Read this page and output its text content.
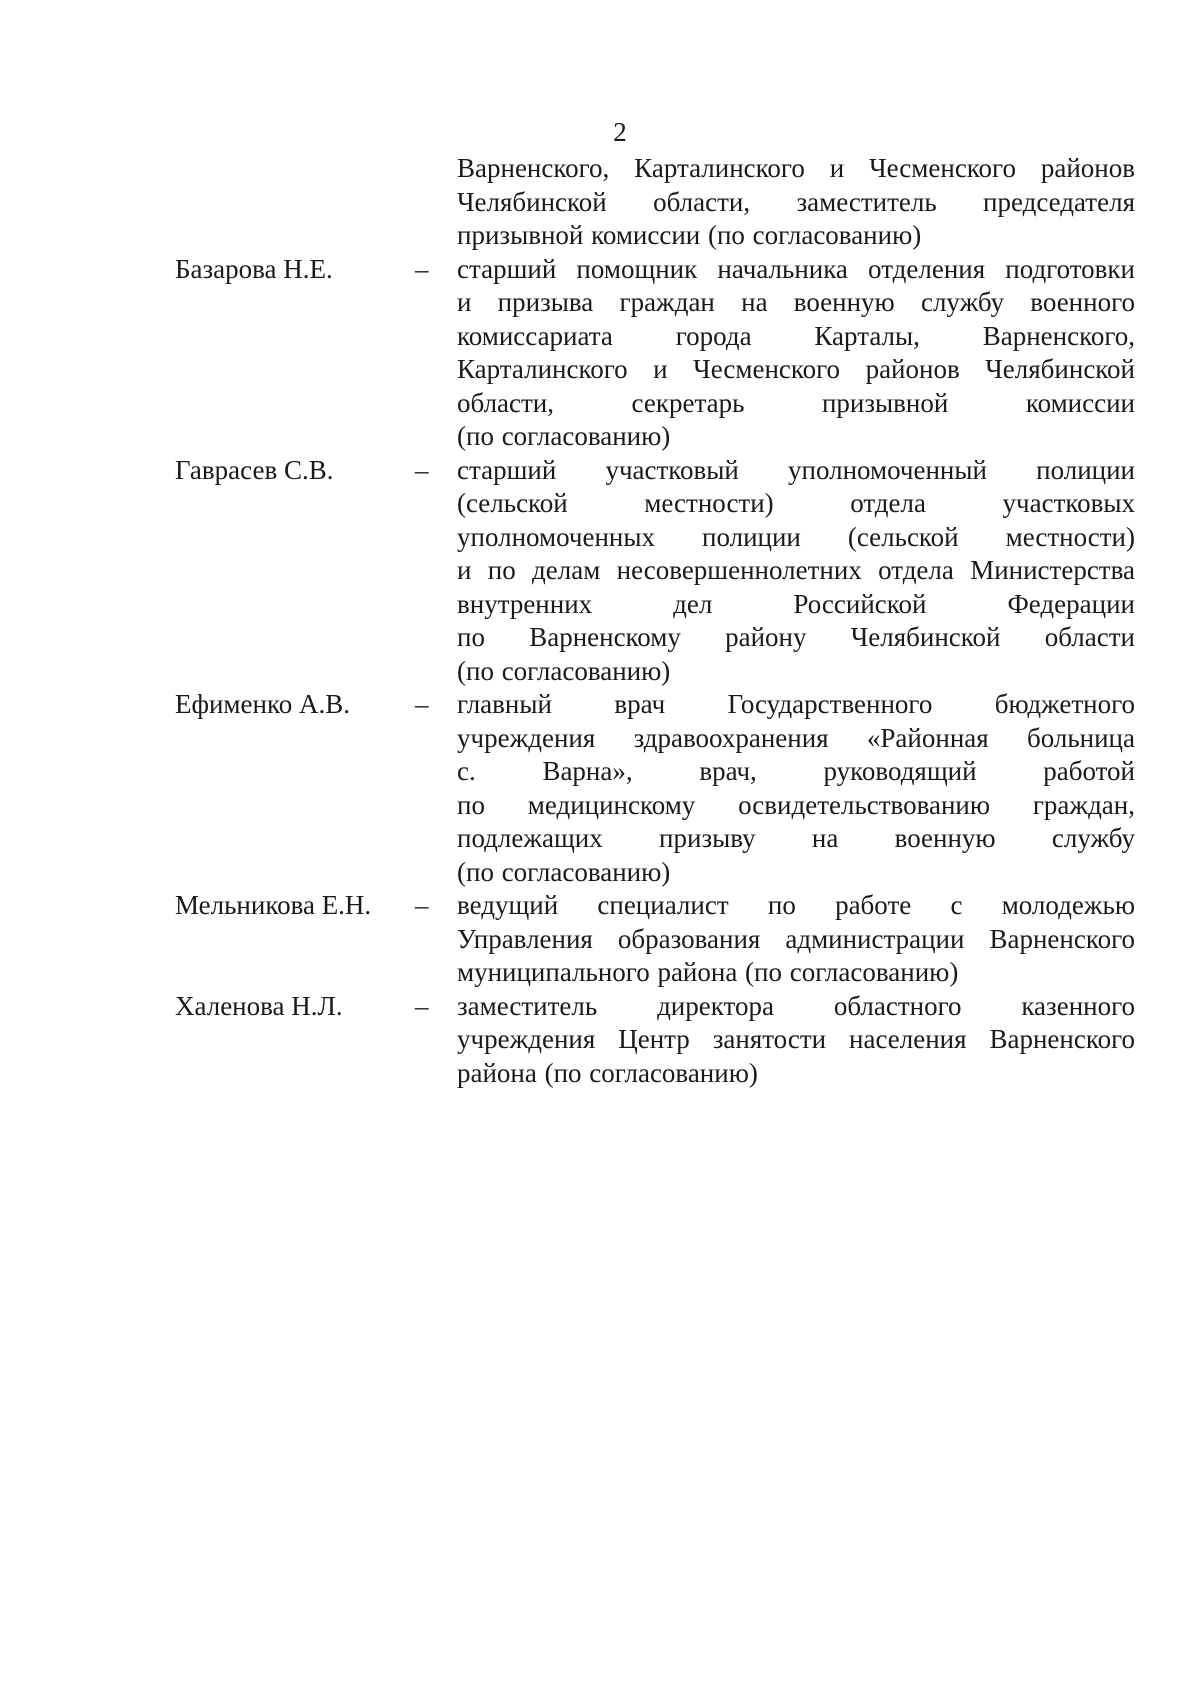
2
Варненского, Карталинского и Чесменского районов
Челябинской области, заместитель председателя
призывной комиссии (по согласованию)
Базарова Н.Е.	–	старший помощник начальника отделения подготовки
и призыва граждан на военную службу военного
комиссариата города Карталы, Варненского,
Карталинского и Чесменского районов Челябинской
области, секретарь призывной комиссии
(по согласованию)
Гаврасев С.В.	–	старший участковый уполномоченный полиции
(сельской местности) отдела участковых
уполномоченных полиции (сельской местности)
и по делам несовершеннолетних отдела Министерства
внутренних дел Российской Федерации
по Варненскому району Челябинской области
(по согласованию)
Ефименко А.В.	–	главный врач Государственного бюджетного
учреждения здравоохранения «Районная больница
с. Варна», врач, руководящий работой
по медицинскому освидетельствованию граждан,
подлежащих призыву на военную службу
(по согласованию)
Мельникова Е.Н.	–	ведущий специалист по работе с молодежью
Управления образования администрации Варненского
муниципального района (по согласованию)
Халенова Н.Л.	–	заместитель директора областного казенного
учреждения Центр занятости населения Варненского
района (по согласованию)
